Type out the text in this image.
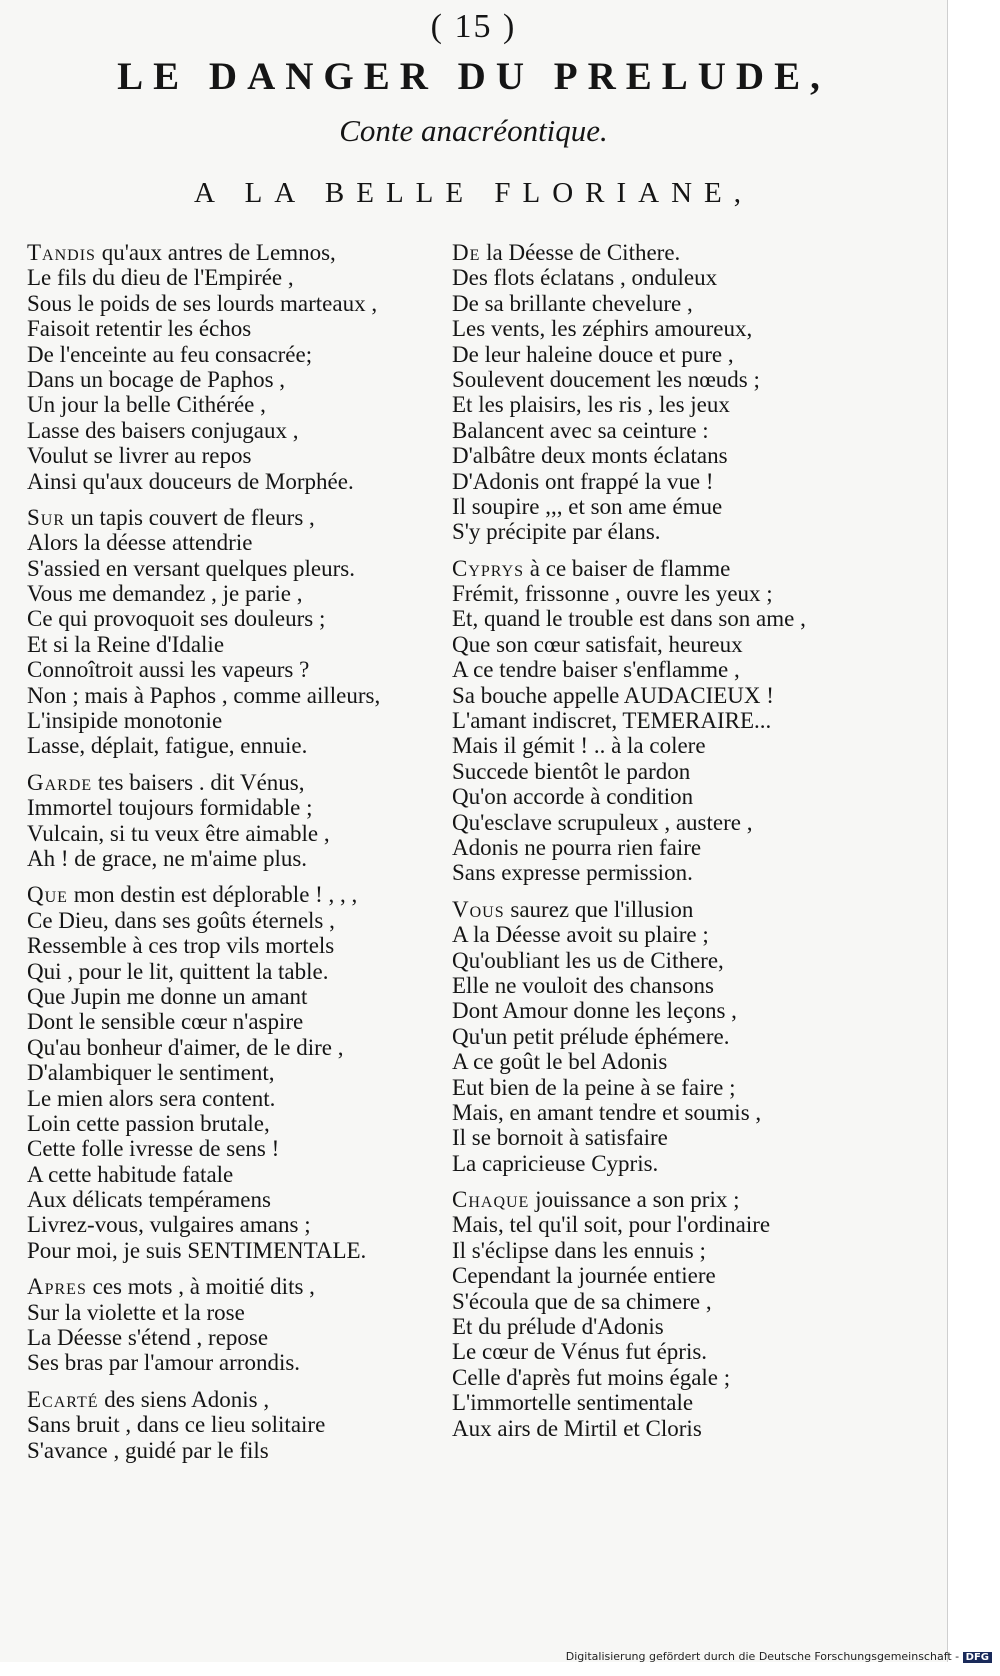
( 15 )
LE DANGER DU PRELUDE,
Conte anacréontique.
A LA BELLE FLORIANE,
Tandis qu'aux antres de Lemnos,
Le fils du dieu de l'Empirée ,
Sous le poids de ses lourds marteaux ,
Faisoit retentir les échos
De l'enceinte au feu consacrée;
Dans un bocage de Paphos ,
Un jour la belle Cithérée ,
Lasse des baisers conjugaux ,
Voulut se livrer au repos
Ainsi qu'aux douceurs de Morphée.
Sur un tapis couvert de fleurs ,
Alors la déesse attendrie
S'assied en versant quelques pleurs.
Vous me demandez , je parie ,
Ce qui provoquoit ses douleurs ;
Et si la Reine d'Idalie
Connoîtroit aussi les vapeurs ?
Non ; mais à Paphos , comme ailleurs,
L'insipide monotonie
Lasse, déplait, fatigue, ennuie.
Garde tes baisers . dit Vénus,
Immortel toujours formidable ;
Vulcain, si tu veux être aimable ,
Ah ! de grace, ne m'aime plus.
Que mon destin est déplorable ! , , ,
Ce Dieu, dans ses goûts éternels ,
Ressemble à ces trop vils mortels
Qui , pour le lit, quittent la table.
Que Jupin me donne un amant
Dont le sensible cœur n'aspire
Qu'au bonheur d'aimer, de le dire ,
D'alambiquer le sentiment,
Le mien alors sera content.
Loin cette passion brutale,
Cette folle ivresse de sens !
A cette habitude fatale
Aux délicats tempéramens
Livrez-vous, vulgaires amans ;
Pour moi, je suis SENTIMENTALE.
Apres ces mots , à moitié dits ,
Sur la violette et la rose
La Déesse s'étend , repose
Ses bras par l'amour arrondis.
Ecarté des siens Adonis ,
Sans bruit , dans ce lieu solitaire
S'avance , guidé par le fils
De la Déesse de Cithere.
Des flots éclatans , onduleux
De sa brillante chevelure ,
Les vents, les zéphirs amoureux,
De leur haleine douce et pure ,
Soulevent doucement les nœuds ;
Et les plaisirs, les ris , les jeux
Balancent avec sa ceinture :
D'albâtre deux monts éclatans
D'Adonis ont frappé la vue !
Il soupire ,,, et son ame émue
S'y précipite par élans.
Cyprys à ce baiser de flamme
Frémit, frissonne , ouvre les yeux ;
Et, quand le trouble est dans son ame ,
Que son cœur satisfait, heureux
A ce tendre baiser s'enflamme ,
Sa bouche appelle AUDACIEUX !
L'amant indiscret, TEMERAIRE...
Mais il gémit ! .. à la colere
Succede bientôt le pardon
Qu'on accorde à condition
Qu'esclave scrupuleux , austere ,
Adonis ne pourra rien faire
Sans expresse permission.
Vous saurez que l'illusion
A la Déesse avoit su plaire ;
Qu'oubliant les us de Cithere,
Elle ne vouloit des chansons
Dont Amour donne les leçons ,
Qu'un petit prélude éphémere.
A ce goût le bel Adonis
Eut bien de la peine à se faire ;
Mais, en amant tendre et soumis ,
Il se bornoit à satisfaire
La capricieuse Cypris.
Chaque jouissance a son prix ;
Mais, tel qu'il soit, pour l'ordinaire
Il s'éclipse dans les ennuis ;
Cependant la journée entiere
S'écoula que de sa chimere ,
Et du prélude d'Adonis
Le cœur de Vénus fut épris.
Celle d'après fut moins égale ;
L'immortelle sentimentale
Aux airs de Mirtil et Cloris
Digitalisierung gefördert durch die Deutsche Forschungsgemeinschaft - DFG
